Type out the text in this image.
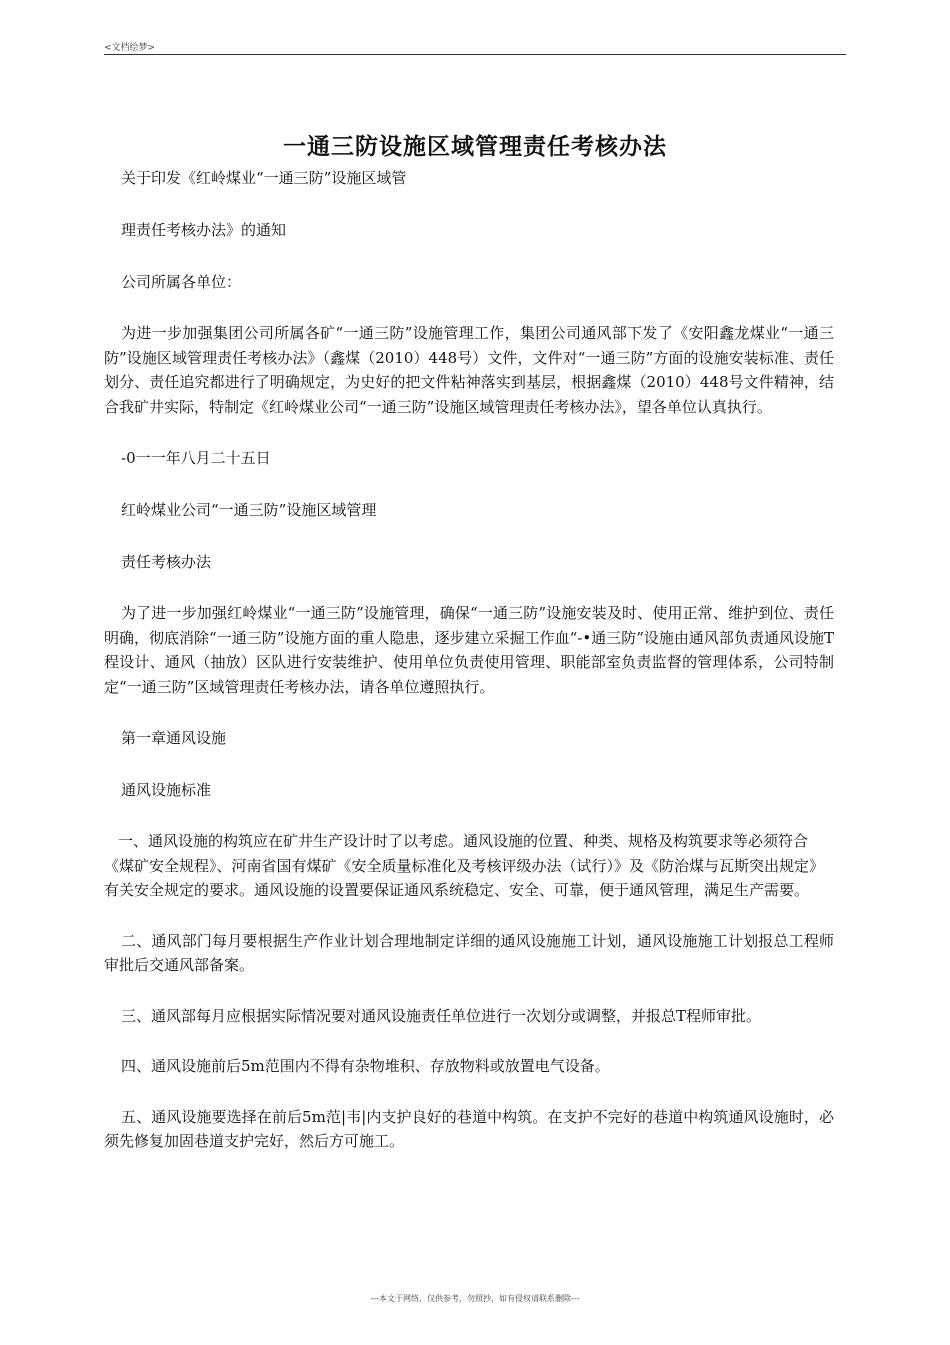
<文档绘梦>
一通三防设施区域管理责任考核办法

关于印发《红岭煤业“一通三防”设施区域管

理责任考核办法》的通知

公司所属各单位：

为进一步加强集团公司所属各矿“一通三防”设施管理工作，集团公司通风部下发了《安阳鑫龙煤业“一通三防”设施区域管理责任考核办法》（鑫煤（2010）448号）文件，文件对“一通三防”方面的设施安装标准、责任划分、责任追究都进行了明确规定，为史好的把文件粘神落实到基层，根据鑫煤（2010）448号文件精神，结合我矿井实际，特制定《红岭煤业公司“一通三防”设施区域管理责任考核办法》，望各单位认真执行。

-0一一年八月二十五日

红岭煤业公司“一通三防”设施区域管理

责任考核办法

为了进一步加强红岭煤业“一通三防”设施管理，确保“一通三防”设施安装及时、使用正常、维护到位、责任明确，彻底消除“一通三防”设施方面的重人隐患，逐步建立采掘工作血“-•通三防”设施由通风部负责通风设施T程设计、通风（抽放）区队进行安装维护、使用单位负责使用管理、职能部室负责监督的管理体系，公司特制定“一通三防”区域管理责任考核办法，请各单位遵照执行。

第一章通风设施

通风设施标准

一、通风设施的构筑应在矿井生产设计时了以考虑。通风设施的位置、种类、规格及构筑要求等必须符合《煤矿安全规程》、河南省国有煤矿《安全质量标准化及考核评级办法（试行）》及《防治煤与瓦斯突出规定》有关安全规定的要求。通风设施的设置要保证通风系统稳定、安全、可靠，便于通风管理，满足生产需要。

二、通风部门每月要根据生产作业计划合理地制定详细的通风设施施工计划，通风设施施工计划报总工程师审批后交通风部备案。

三、通风部每月应根据实际情况要对通风设施责任单位进行一次划分或调整，并报总T程师审批。

四、通风设施前后5m范围内不得有杂物堆积、存放物料或放置电气设备。

五、通风设施要选择在前后5m范|韦|内支护良好的巷道中构筑。在支护不完好的巷道中构筑通风设施时，必须先修复加固巷道支护完好，然后方可施工。

---本文于网络，仅供参考，勿照抄，如有侵权请联系删除---
